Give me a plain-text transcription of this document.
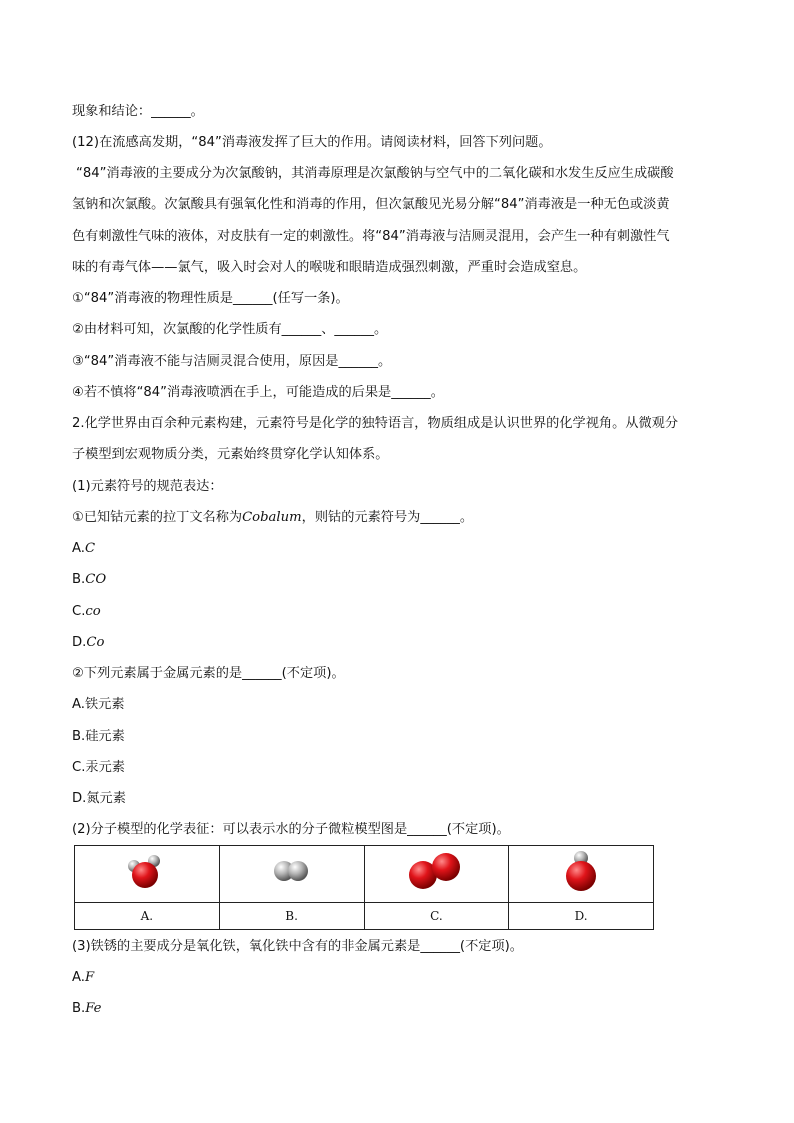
现象和结论：______。
(12)在流感高发期，“84”消毒液发挥了巨大的作用。请阅读材料，回答下列问题。
“84”消毒液的主要成分为次氯酸钠，其消毒原理是次氯酸钠与空气中的二氧化碳和水发生反应生成碳酸
氢钠和次氯酸。次氯酸具有强氧化性和消毒的作用，但次氯酸见光易分解“84”消毒液是一种无色或淡黄
色有刺激性气味的液体，对皮肤有一定的刺激性。将“84”消毒液与洁厕灵混用，会产生一种有刺激性气
味的有毒气体——氯气，吸入时会对人的喉咙和眼睛造成强烈刺激，严重时会造成窒息。
①“84”消毒液的物理性质是______(任写一条)。
②由材料可知，次氯酸的化学性质有______、______。
③“84”消毒液不能与洁厕灵混合使用，原因是______。
④若不慎将“84”消毒液喷洒在手上，可能造成的后果是______。
2.化学世界由百余种元素构建，元素符号是化学的独特语言，物质组成是认识世界的化学视角。从微观分
子模型到宏观物质分类，元素始终贯穿化学认知体系。
(1)元素符号的规范表达：
①已知钴元素的拉丁文名称为Cobalum，则钴的元素符号为______。
A.C
B.CO
C.co
D.Co
②下列元素属于金属元素的是______(不定项)。
A.铁元素
B.硅元素
C.汞元素
D.氮元素
(2)分子模型的化学表征：可以表示水的分子微粒模型图是______(不定项)。

A.	B.	C.	D.
(3)铁锈的主要成分是氧化铁，氧化铁中含有的非金属元素是______(不定项)。
A.F
B.Fe
